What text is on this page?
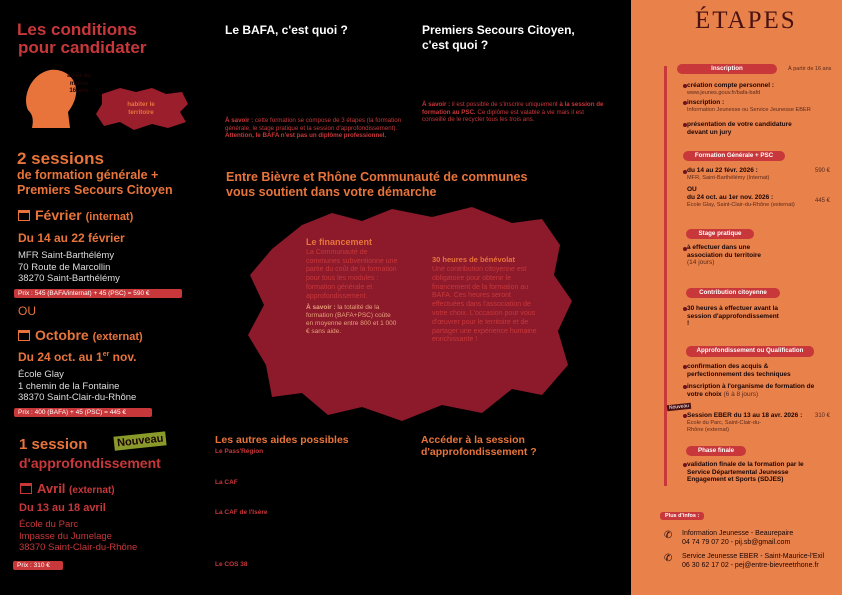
Les conditions
pour candidater
avoir au
moins
16 ans
habiter le
territoire
2 sessions
de formation générale +
Premiers Secours Citoyen
Février (internat)
Du 14 au 22 février
MFR Saint-Barthélémy
70 Route de Marcollin
38270 Saint-Barthélémy
Prix : 545 (BAFA/internat) + 45 (PSC) = 590 €
OU
Octobre (externat)
Du 24 oct. au 1er nov.
École Glay
1 chemin de la Fontaine
38370 Saint-Clair-du-Rhône
Prix : 400 (BAFA) + 45 (PSC) = 445 €
1 session	Nouveau
d'approfondissement
Avril (externat)
Du 13 au 18 avril
École du Parc
Impasse du Jumelage
38370 Saint-Clair-du-Rhône
Prix : 310 €
Le BAFA, c'est quoi ?
À savoir : cette formation se compose de 3 étapes (la formation générale, le stage pratique et la session d'approfondissement). Attention, le BAFA n'est pas un diplôme professionnel.
Premiers Secours Citoyen,
c'est quoi ?
À savoir : il est possible de s'inscrire uniquement à la session de formation au PSC. Ce diplôme est valable à vie mais il est conseillé de le recycler tous les trois ans.
Entre Bièvre et Rhône Communauté de communes
vous soutient dans votre démarche
Le financement
La Communauté de communes subventionne une partie du coût de la formation pour tous les modules : formation générale et approfondissement.
À savoir : la totalité de la formation (BAFA+PSC) coûte en moyenne entre 800 et 1 000 € sans aide.
30 heures de bénévolat
Une contribution citoyenne est obligatoire pour obtenir le financement de la formation au BAFA. Ces heures seront effectuées dans l'association de votre choix. L'occasion pour vous d'œuvrer pour le territoire et de partager une expérience humaine enrichissante !
Les autres aides possibles
Le Pass'Région
La CAF
La CAF de l'Isère
Le COS 38
Accéder à la session
d'approfondissement ?
ÉTAPES
Inscription	À partir de 16 ans
création compte personnel :
www.jeunes.gouv.fr/bafa-bafd
inscription :
Information Jeunesse ou Service Jeunesse EBER
présentation de votre candidature devant un jury
Formation Générale + PSC
du 14 au 22 févr. 2026 :
MFR, Saint-Barthélémy (Internat)
590 €
OU
du 24 oct. au 1er nov. 2026 :
École Glay, Saint-Clair-du-Rhône (externat)
445 €
Stage pratique
à effectuer dans une association du territoire
(14 jours)
Contribution citoyenne
30 heures à effectuer avant la session d'approfondissement !
Approfondissement ou Qualification
confirmation des acquis & perfectionnement des techniques
inscription à l'organisme de formation de votre choix (6 à 8 jours)
Nouveau
Session EBER du 13 au 18 avr. 2026 :
École du Parc, Saint-Clair-du-Rhône (externat)
310 €
Phase finale
validation finale de la formation par le Service Départemental Jeunesse Engagement et Sports (SDJES)
Plus d'infos :
✆ Information Jeunesse - Beaurepaire
04 74 79 07 20 - pij.sb@gmail.com
✆ Service Jeunesse EBER - Saint-Maurice-l'Exil
06 30 62 17 02 - pej@entre-bievreetrhone.fr
